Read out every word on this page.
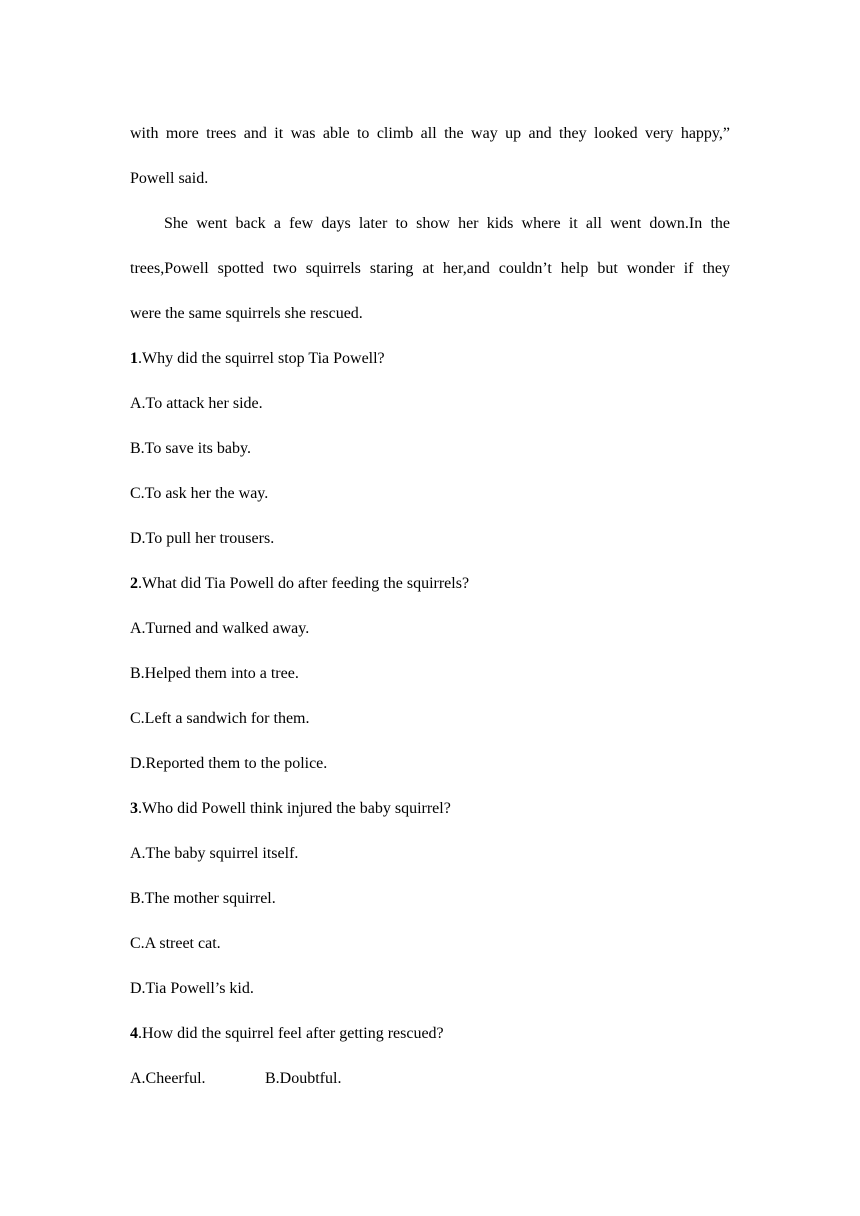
with more trees and it was able to climb all the way up and they looked very happy,”
Powell said.
She went back a few days later to show her kids where it all went down.In the
trees,Powell spotted two squirrels staring at her,and couldn’t help but wonder if they
were the same squirrels she rescued.
1.Why did the squirrel stop Tia Powell?
A.To attack her side.
B.To save its baby.
C.To ask her the way.
D.To pull her trousers.
2.What did Tia Powell do after feeding the squirrels?
A.Turned and walked away.
B.Helped them into a tree.
C.Left a sandwich for them.
D.Reported them to the police.
3.Who did Powell think injured the baby squirrel?
A.The baby squirrel itself.
B.The mother squirrel.
C.A street cat.
D.Tia Powell’s kid.
4.How did the squirrel feel after getting rescued?
A.Cheerful.	B.Doubtful.
